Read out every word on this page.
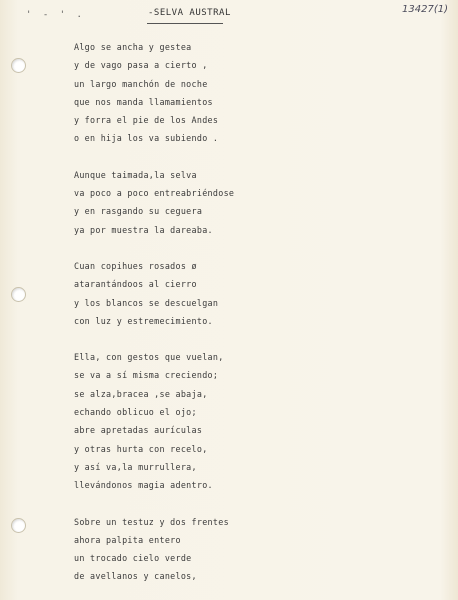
' - ' .	13427(1)
-SELVA AUSTRAL
Algo se ancha y gestea
y de vago pasa a cierto ,
un largo manchón de noche
que nos manda llamamientos
y forra el pie de los Andes
o en hija los va subiendo .
Aunque taimada,la selva
va poco a poco entreabriéndose
y en rasgando su ceguera
ya por muestra la dareaba.
Cuan copihues rosados ø
atarantándoos al cierro
y los blancos se descuelgan
con luz y estremecimiento.
Ella, con gestos que vuelan,
se va a sí misma creciendo;
se alza,bracea ,se abaja,
echando oblicuo el ojo;
abre apretadas aurículas
y otras hurta con recelo,
y así va,la murrullera,
llevándonos magia adentro.
Sobre un testuz y dos frentes
ahora palpita entero
un trocado cielo verde
de avellanos y canelos,
